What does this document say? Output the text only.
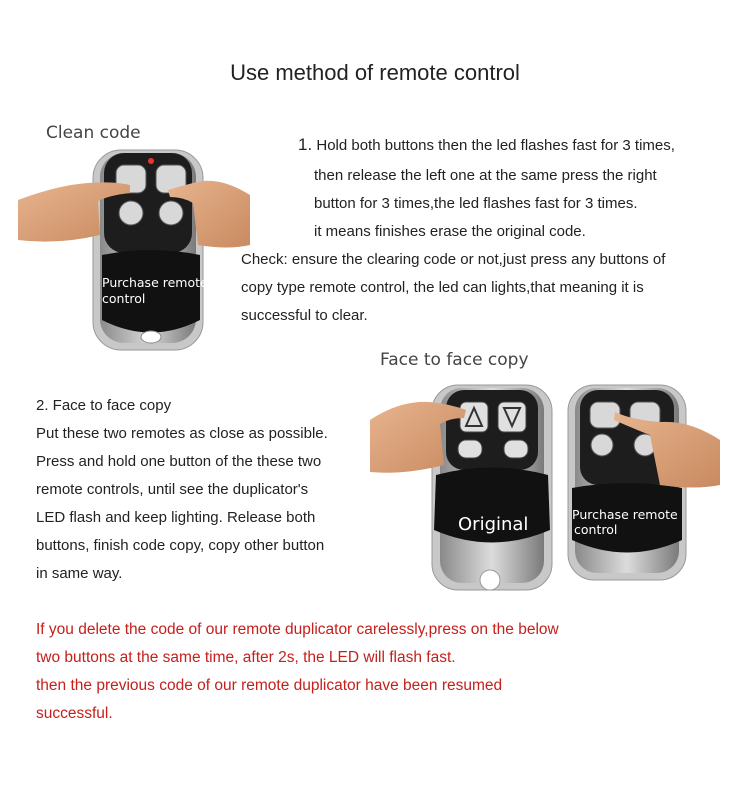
Use method of remote control
Clean code
Purchase remote
control
1. Hold both buttons then the led flashes fast for 3 times,
then release the left one at the same press the right
button for 3 times,the led flashes fast for 3 times.
it means finishes erase the original code.
Check: ensure the clearing code or not,just press any buttons of
copy type remote control, the led can lights,that meaning it is
successful to clear.
Face to face copy
Original	Purchase remote
control
2. Face to face copy
Put these two remotes as close as possible.
Press and hold one button of the these two
remote controls, until see the duplicator's
LED flash and keep lighting. Release both
buttons, finish code copy, copy other button
in same way.
If you delete the code of our remote duplicator carelessly,press on the below
two buttons at the same time, after 2s, the LED will flash fast.
then the previous code of our remote duplicator have been resumed
successful.
